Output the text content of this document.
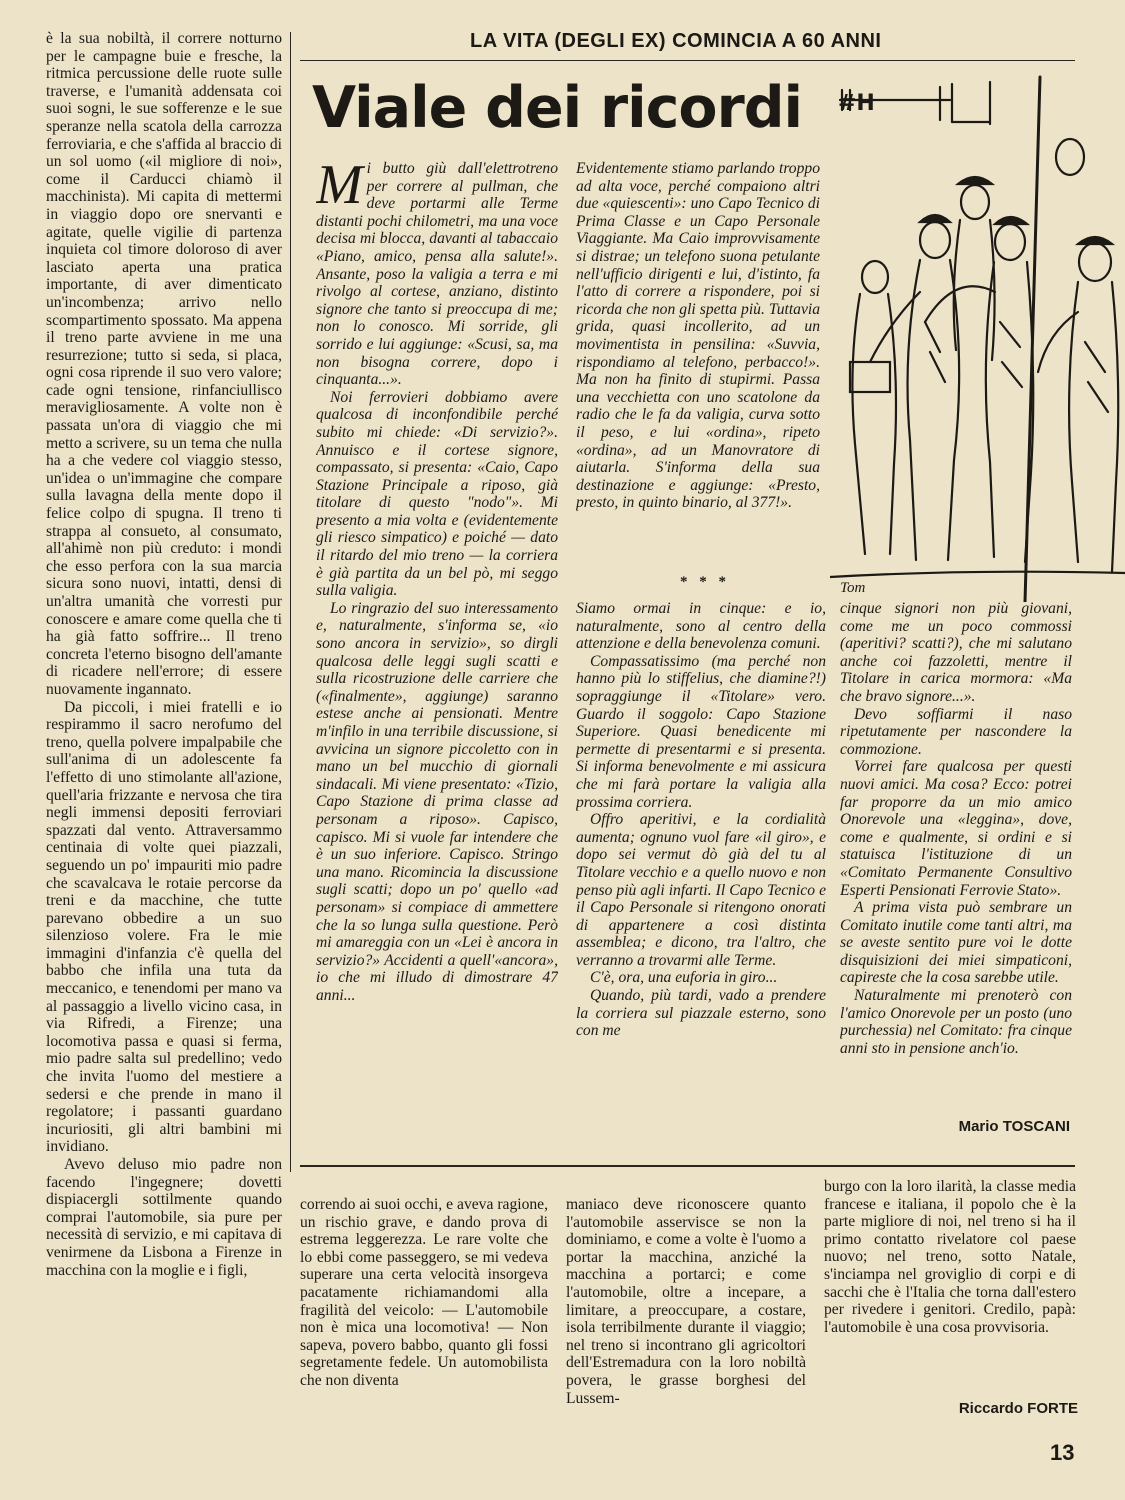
è la sua nobiltà, il correre notturno per le campagne buie e fresche, la ritmica percussione delle ruote sulle traverse, e l'umanità addensata coi suoi sogni, le sue sofferenze e le sue speranze nella scatola della carrozza ferroviaria, e che s'affida al braccio di un sol uomo («il migliore di noi», come il Carducci chiamò il macchinista). Mi capita di mettermi in viaggio dopo ore snervanti e agitate, quelle vigilie di partenza inquieta col timore doloroso di aver lasciato aperta una pratica importante, di aver dimenticato un'incombenza; arrivo nello scompartimento spossato. Ma appena il treno parte avviene in me una resurrezione; tutto si seda, si placa, ogni cosa riprende il suo vero valore; cade ogni tensione, rinfanciullisco meravigliosamente. A volte non è passata un'ora di viaggio che mi metto a scrivere, su un tema che nulla ha a che vedere col viaggio stesso, un'idea o un'immagine che compare sulla lavagna della mente dopo il felice colpo di spugna. Il treno ti strappa al consueto, al consumato, all'ahimè non più creduto: i mondi che esso perfora con la sua marcia sicura sono nuovi, intatti, densi di un'altra umanità che vorresti pur conoscere e amare come quella che ti ha già fatto soffrire... Il treno concreta l'eterno bisogno dell'amante di ricadere nell'errore; di essere nuovamente ingannato.

Da piccoli, i miei fratelli e io respirammo il sacro nerofumo del treno, quella polvere impalpabile che sull'anima di un adolescente fa l'effetto di uno stimolante all'azione, quell'aria frizzante e nervosa che tira negli immensi depositi ferroviari spazzati dal vento. Attraversammo centinaia di volte quei piazzali, seguendo un po' impauriti mio padre che scavalcava le rotaie percorse da treni e da macchine, che tutte parevano obbedire a un suo silenzioso volere. Fra le mie immagini d'infanzia c'è quella del babbo che infila una tuta da meccanico, e tenendomi per mano va al passaggio a livello vicino casa, in via Rifredi, a Firenze; una locomotiva passa e quasi si ferma, mio padre salta sul predellino; vedo che invita l'uomo del mestiere a sedersi e che prende in mano il regolatore; i passanti guardano incuriositi, gli altri bambini mi invidiano.

Avevo deluso mio padre non facendo l'ingegnere; dovetti dispiacergli sottilmente quando comprai l'automobile, sia pure per necessità di servizio, e mi capitava di venirmene da Lisbona a Firenze in macchina con la moglie e i figli,

LA VITA (DEGLI EX) COMINCIA A 60 ANNI
Viale dei ricordi

Mi butto giù dall'elettrotreno per correre al pullman, che deve portarmi alle Terme distanti pochi chilometri, ma una voce decisa mi blocca, davanti al tabaccaio «Piano, amico, pensa alla salute!». Ansante, poso la valigia a terra e mi rivolgo al cortese, anziano, distinto signore che tanto si preoccupa di me; non lo conosco. Mi sorride, gli sorrido e lui aggiunge: «Scusi, sa, ma non bisogna correre, dopo i cinquanta...».

Noi ferrovieri dobbiamo avere qualcosa di inconfondibile perché subito mi chiede: «Di servizio?». Annuisco e il cortese signore, compassato, si presenta: «Caio, Capo Stazione Principale a riposo, già titolare di questo "nodo"». Mi presento a mia volta e (evidentemente gli riesco simpatico) e poiché — dato il ritardo del mio treno — la corriera è già partita da un bel pò, mi seggo sulla valigia.

Lo ringrazio del suo interessamento e, naturalmente, s'informa se, «io sono ancora in servizio», so dirgli qualcosa delle leggi sugli scatti e sulla ricostruzione delle carriere che («finalmente», aggiunge) saranno estese anche ai pensionati. Mentre m'infilo in una terribile discussione, si avvicina un signore piccoletto con in mano un bel mucchio di giornali sindacali. Mi viene presentato: «Tizio, Capo Stazione di prima classe ad personam a riposo». Capisco, capisco. Mi si vuole far intendere che è un suo inferiore. Capisco. Stringo una mano. Ricomincia la discussione sugli scatti; dopo un po' quello «ad personam» si compiace di ammettere che la so lunga sulla questione. Però mi amareggia con un «Lei è ancora in servizio?» Accidenti a quell'«ancora», io che mi illudo di dimostrare 47 anni...

Evidentemente stiamo parlando troppo ad alta voce, perché compaiono altri due «quiescenti»: uno Capo Tecnico di Prima Classe e un Capo Personale Viaggiante. Ma Caio improvvisamente si distrae; un telefono suona petulante nell'ufficio dirigenti e lui, d'istinto, fa l'atto di correre a rispondere, poi si ricorda che non gli spetta più. Tuttavia grida, quasi incollerito, ad un movimentista in pensilina: «Suvvia, rispondiamo al telefono, perbacco!». Ma non ha finito di stupirmi. Passa una vecchietta con uno scatolone da radio che le fa da valigia, curva sotto il peso, e lui «ordina», ripeto «ordina», ad un Manovratore di aiutarla. S'informa della sua destinazione e aggiunge: «Presto, presto, in quinto binario, al 377!».

* * *

Siamo ormai in cinque: e io, naturalmente, sono al centro della attenzione e della benevolenza comuni.

Compassatissimo (ma perché non hanno più lo stiffelius, che diamine?!) sopraggiunge il «Titolare» vero. Guardo il soggolo: Capo Stazione Superiore. Quasi benedicente mi permette di presentarmi e si presenta. Si informa benevolmente e mi assicura che mi farà portare la valigia alla prossima corriera.

Offro aperitivi, e la cordialità aumenta; ognuno vuol fare «il giro», e dopo sei vermut dò già del tu al Titolare vecchio e a quello nuovo e non penso più agli infarti. Il Capo Tecnico e il Capo Personale si ritengono onorati di appartenere a così distinta assemblea; e dicono, tra l'altro, che verranno a trovarmi alle Terme.

C'è, ora, una euforia in giro...

Quando, più tardi, vado a prendere la corriera sul piazzale esterno, sono con me

cinque signori non più giovani, come me un poco commossi (aperitivi? scatti?), che mi salutano anche coi fazzoletti, mentre il Titolare in carica mormora: «Ma che bravo signore...».

Devo soffiarmi il naso ripetutamente per nascondere la commozione.

Vorrei fare qualcosa per questi nuovi amici. Ma cosa? Ecco: potrei far proporre da un mio amico Onorevole una «leggina», dove, come e qualmente, si ordini e si statuisca l'istituzione di un «Comitato Permanente Consultivo Esperti Pensionati Ferrovie Stato».

A prima vista può sembrare un Comitato inutile come tanti altri, ma se aveste sentito pure voi le dotte disquisizioni dei miei simpaticoni, capireste che la cosa sarebbe utile.

Naturalmente mi prenoterò con l'amico Onorevole per un posto (uno purchessia) nel Comitato: fra cinque anni sto in pensione anch'io.

Mario TOSCANI
#H
Tom
correndo ai suoi occhi, e aveva ragione, un rischio grave, e dando prova di estrema leggerezza. Le rare volte che lo ebbi come passeggero, se mi vedeva superare una certa velocità insorgeva pacatamente richiamandomi alla fragilità del veicolo: — L'automobile non è mica una locomotiva! — Non sapeva, povero babbo, quanto gli fossi segretamente fedele. Un automobilista che non diventa
maniaco deve riconoscere quanto l'automobile asservisce se non la dominiamo, e come a volte è l'uomo a portar la macchina, anziché la macchina a portarci; e come l'automobile, oltre a incepare, a limitare, a preoccupare, a costare, isola terribilmente durante il viaggio; nel treno si incontrano gli agricoltori dell'Estremadura con la loro nobiltà povera, le grasse borghesi del Lussem-
burgo con la loro ilarità, la classe media francese e italiana, il popolo che è la parte migliore di noi, nel treno si ha il primo contatto rivelatore col paese nuovo; nel treno, sotto Natale, s'inciampa nel groviglio di corpi e di sacchi che è l'Italia che torna dall'estero per rivedere i genitori. Credilo, papà: l'automobile è una cosa provvisoria.
Riccardo FORTE
13
